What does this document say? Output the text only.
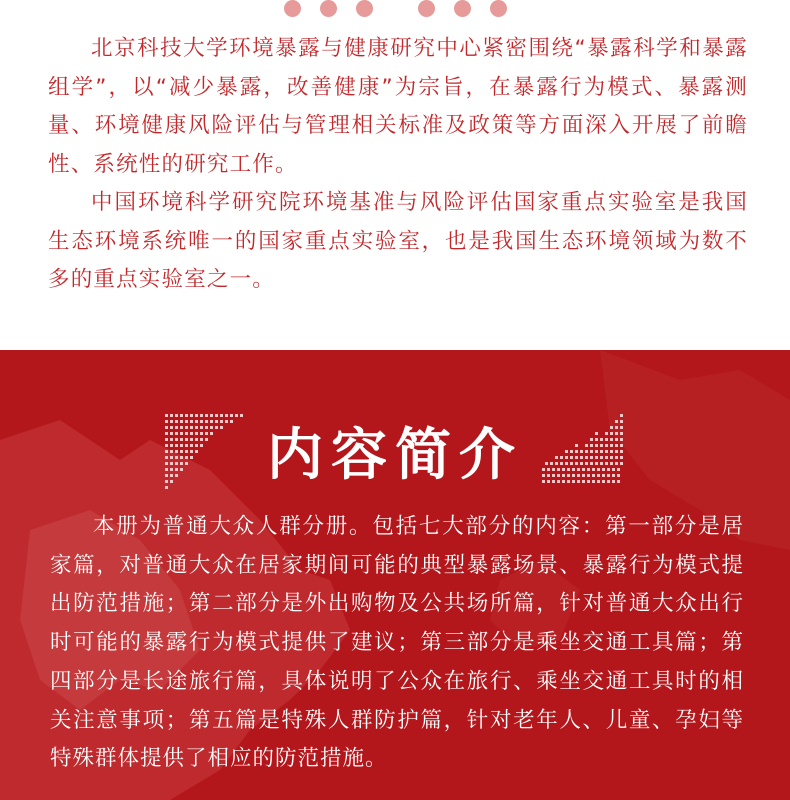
北京科技大学环境暴露与健康研究中心紧密围绕“暴露科学和暴露组学”，以“减少暴露，改善健康”为宗旨，在暴露行为模式、暴露测量、环境健康风险评估与管理相关标准及政策等方面深入开展了前瞻性、系统性的研究工作。

中国环境科学研究院环境基准与风险评估国家重点实验室是我国生态环境系统唯一的国家重点实验室，也是我国生态环境领域为数不多的重点实验室之一。

内容简介

本册为普通大众人群分册。包括七大部分的内容：第一部分是居家篇，对普通大众在居家期间可能的典型暴露场景、暴露行为模式提出防范措施；第二部分是外出购物及公共场所篇，针对普通大众出行时可能的暴露行为模式提供了建议；第三部分是乘坐交通工具篇；第四部分是长途旅行篇，具体说明了公众在旅行、乘坐交通工具时的相关注意事项；第五篇是特殊人群防护篇，针对老年人、儿童、孕妇等特殊群体提供了相应的防范措施。
